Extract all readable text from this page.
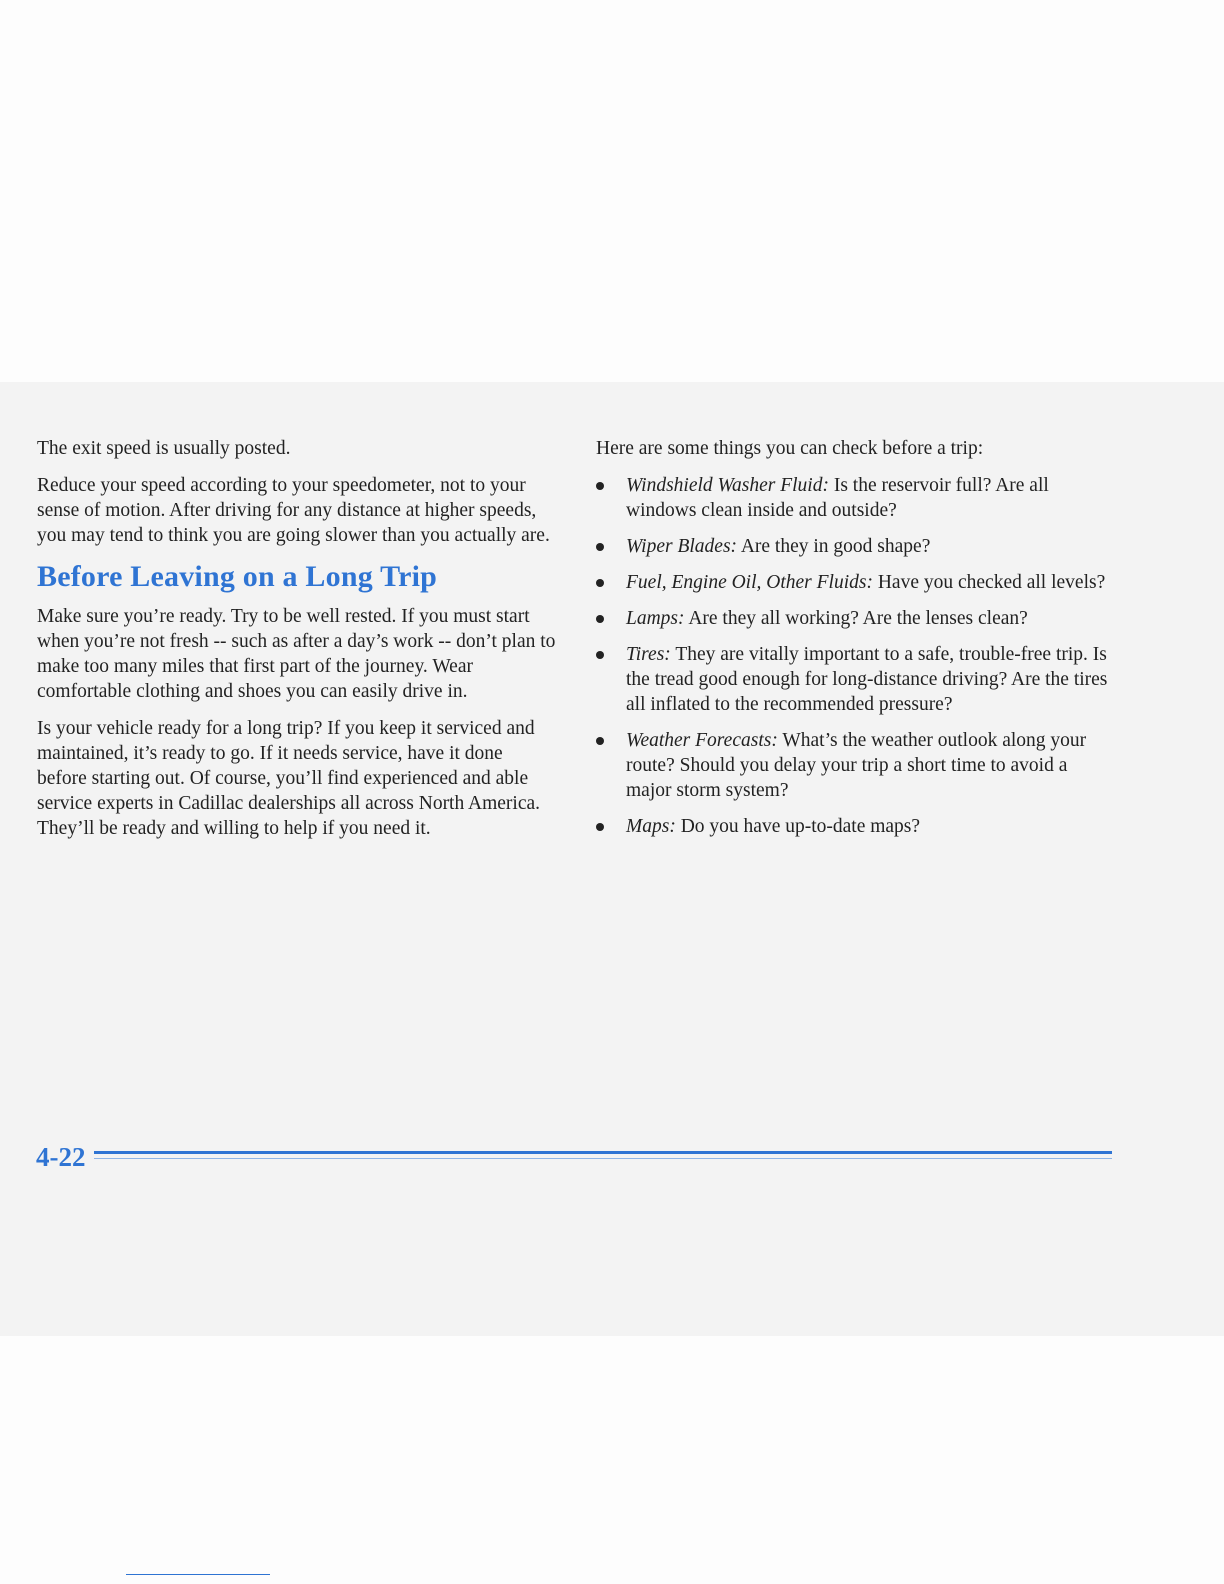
The exit speed is usually posted.

Reduce your speed according to your speedometer, not to your sense of motion. After driving for any distance at higher speeds, you may tend to think you are going slower than you actually are.

Before Leaving on a Long Trip

Make sure you’re ready. Try to be well rested. If you must start when you’re not fresh -- such as after a day’s work -- don’t plan to make too many miles that first part of the journey. Wear comfortable clothing and shoes you can easily drive in.

Is your vehicle ready for a long trip? If you keep it serviced and maintained, it’s ready to go. If it needs service, have it done before starting out. Of course, you’ll find experienced and able service experts in Cadillac dealerships all across North America. They’ll be ready and willing to help if you need it.

Here are some things you can check before a trip:

Windshield Washer Fluid: Is the reservoir full? Are all windows clean inside and outside?
Wiper Blades: Are they in good shape?
Fuel, Engine Oil, Other Fluids: Have you checked all levels?
Lamps: Are they all working? Are the lenses clean?
Tires: They are vitally important to a safe, trouble-free trip. Is the tread good enough for long-distance driving? Are the tires all inflated to the recommended pressure?
Weather Forecasts: What’s the weather outlook along your route? Should you delay your trip a short time to avoid a major storm system?
Maps: Do you have up-to-date maps?
4-22
